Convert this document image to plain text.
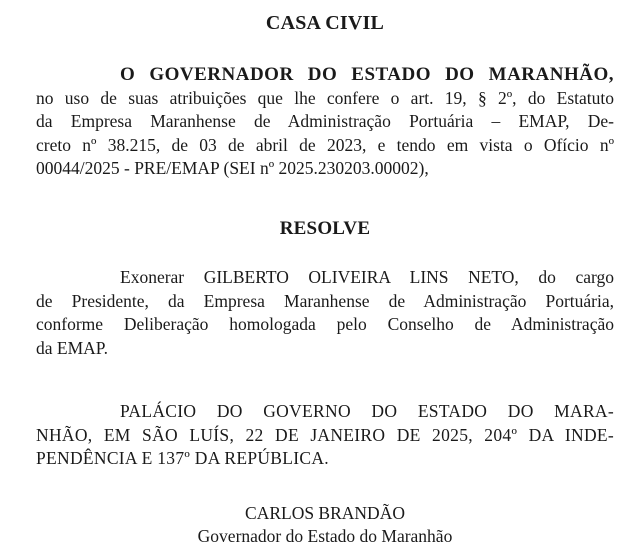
CASA CIVIL
O GOVERNADOR DO ESTADO DO MARANHÃO,
no uso de suas atribuições que lhe confere o art. 19, § 2º, do Estatuto
da Empresa Maranhense de Administração Portuária – EMAP, De-
creto nº 38.215, de 03 de abril de 2023, e tendo em vista o Ofício nº
00044/2025 - PRE/EMAP (SEI nº 2025.230203.00002),
RESOLVE
Exonerar GILBERTO OLIVEIRA LINS NETO, do cargo
de Presidente, da Empresa Maranhense de Administração Portuária,
conforme Deliberação homologada pelo Conselho de Administração
da EMAP.
PALÁCIO DO GOVERNO DO ESTADO DO MARA-
NHÃO, EM SÃO LUÍS, 22 DE JANEIRO DE 2025, 204º DA INDE-
PENDÊNCIA E 137º DA REPÚBLICA.
CARLOS BRANDÃO
Governador do Estado do Maranhão
